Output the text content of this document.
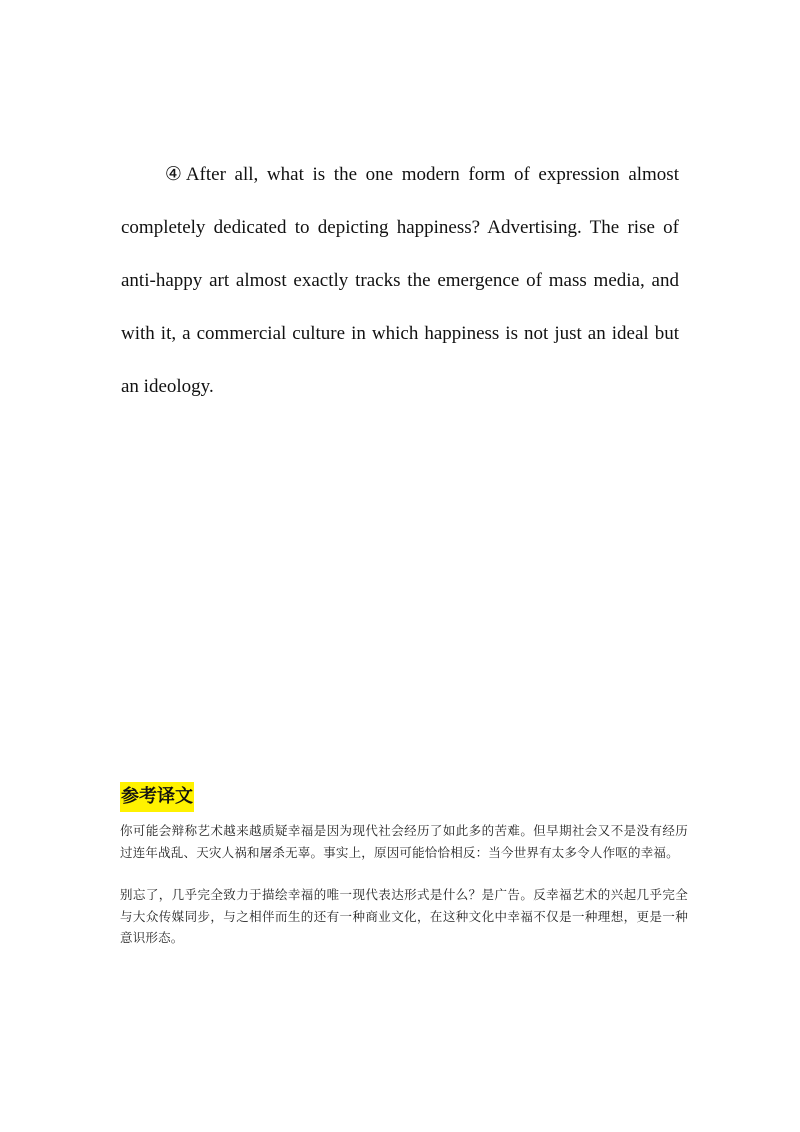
④After all, what is the one modern form of expression almost completely dedicated to depicting happiness? Advertising. The rise of anti-happy art almost exactly tracks the emergence of mass media, and with it, a commercial culture in which happiness is not just an ideal but an ideology.

参考译文

你可能会辩称艺术越来越质疑幸福是因为现代社会经历了如此多的苦难。但早期社会又不是没有经历过连年战乱、天灾人祸和屠杀无辜。事实上，原因可能恰恰相反：当今世界有太多令人作呕的幸福。

别忘了，几乎完全致力于描绘幸福的唯一现代表达形式是什么？是广告。反幸福艺术的兴起几乎完全与大众传媒同步，与之相伴而生的还有一种商业文化，在这种文化中幸福不仅是一种理想，更是一种意识形态。
